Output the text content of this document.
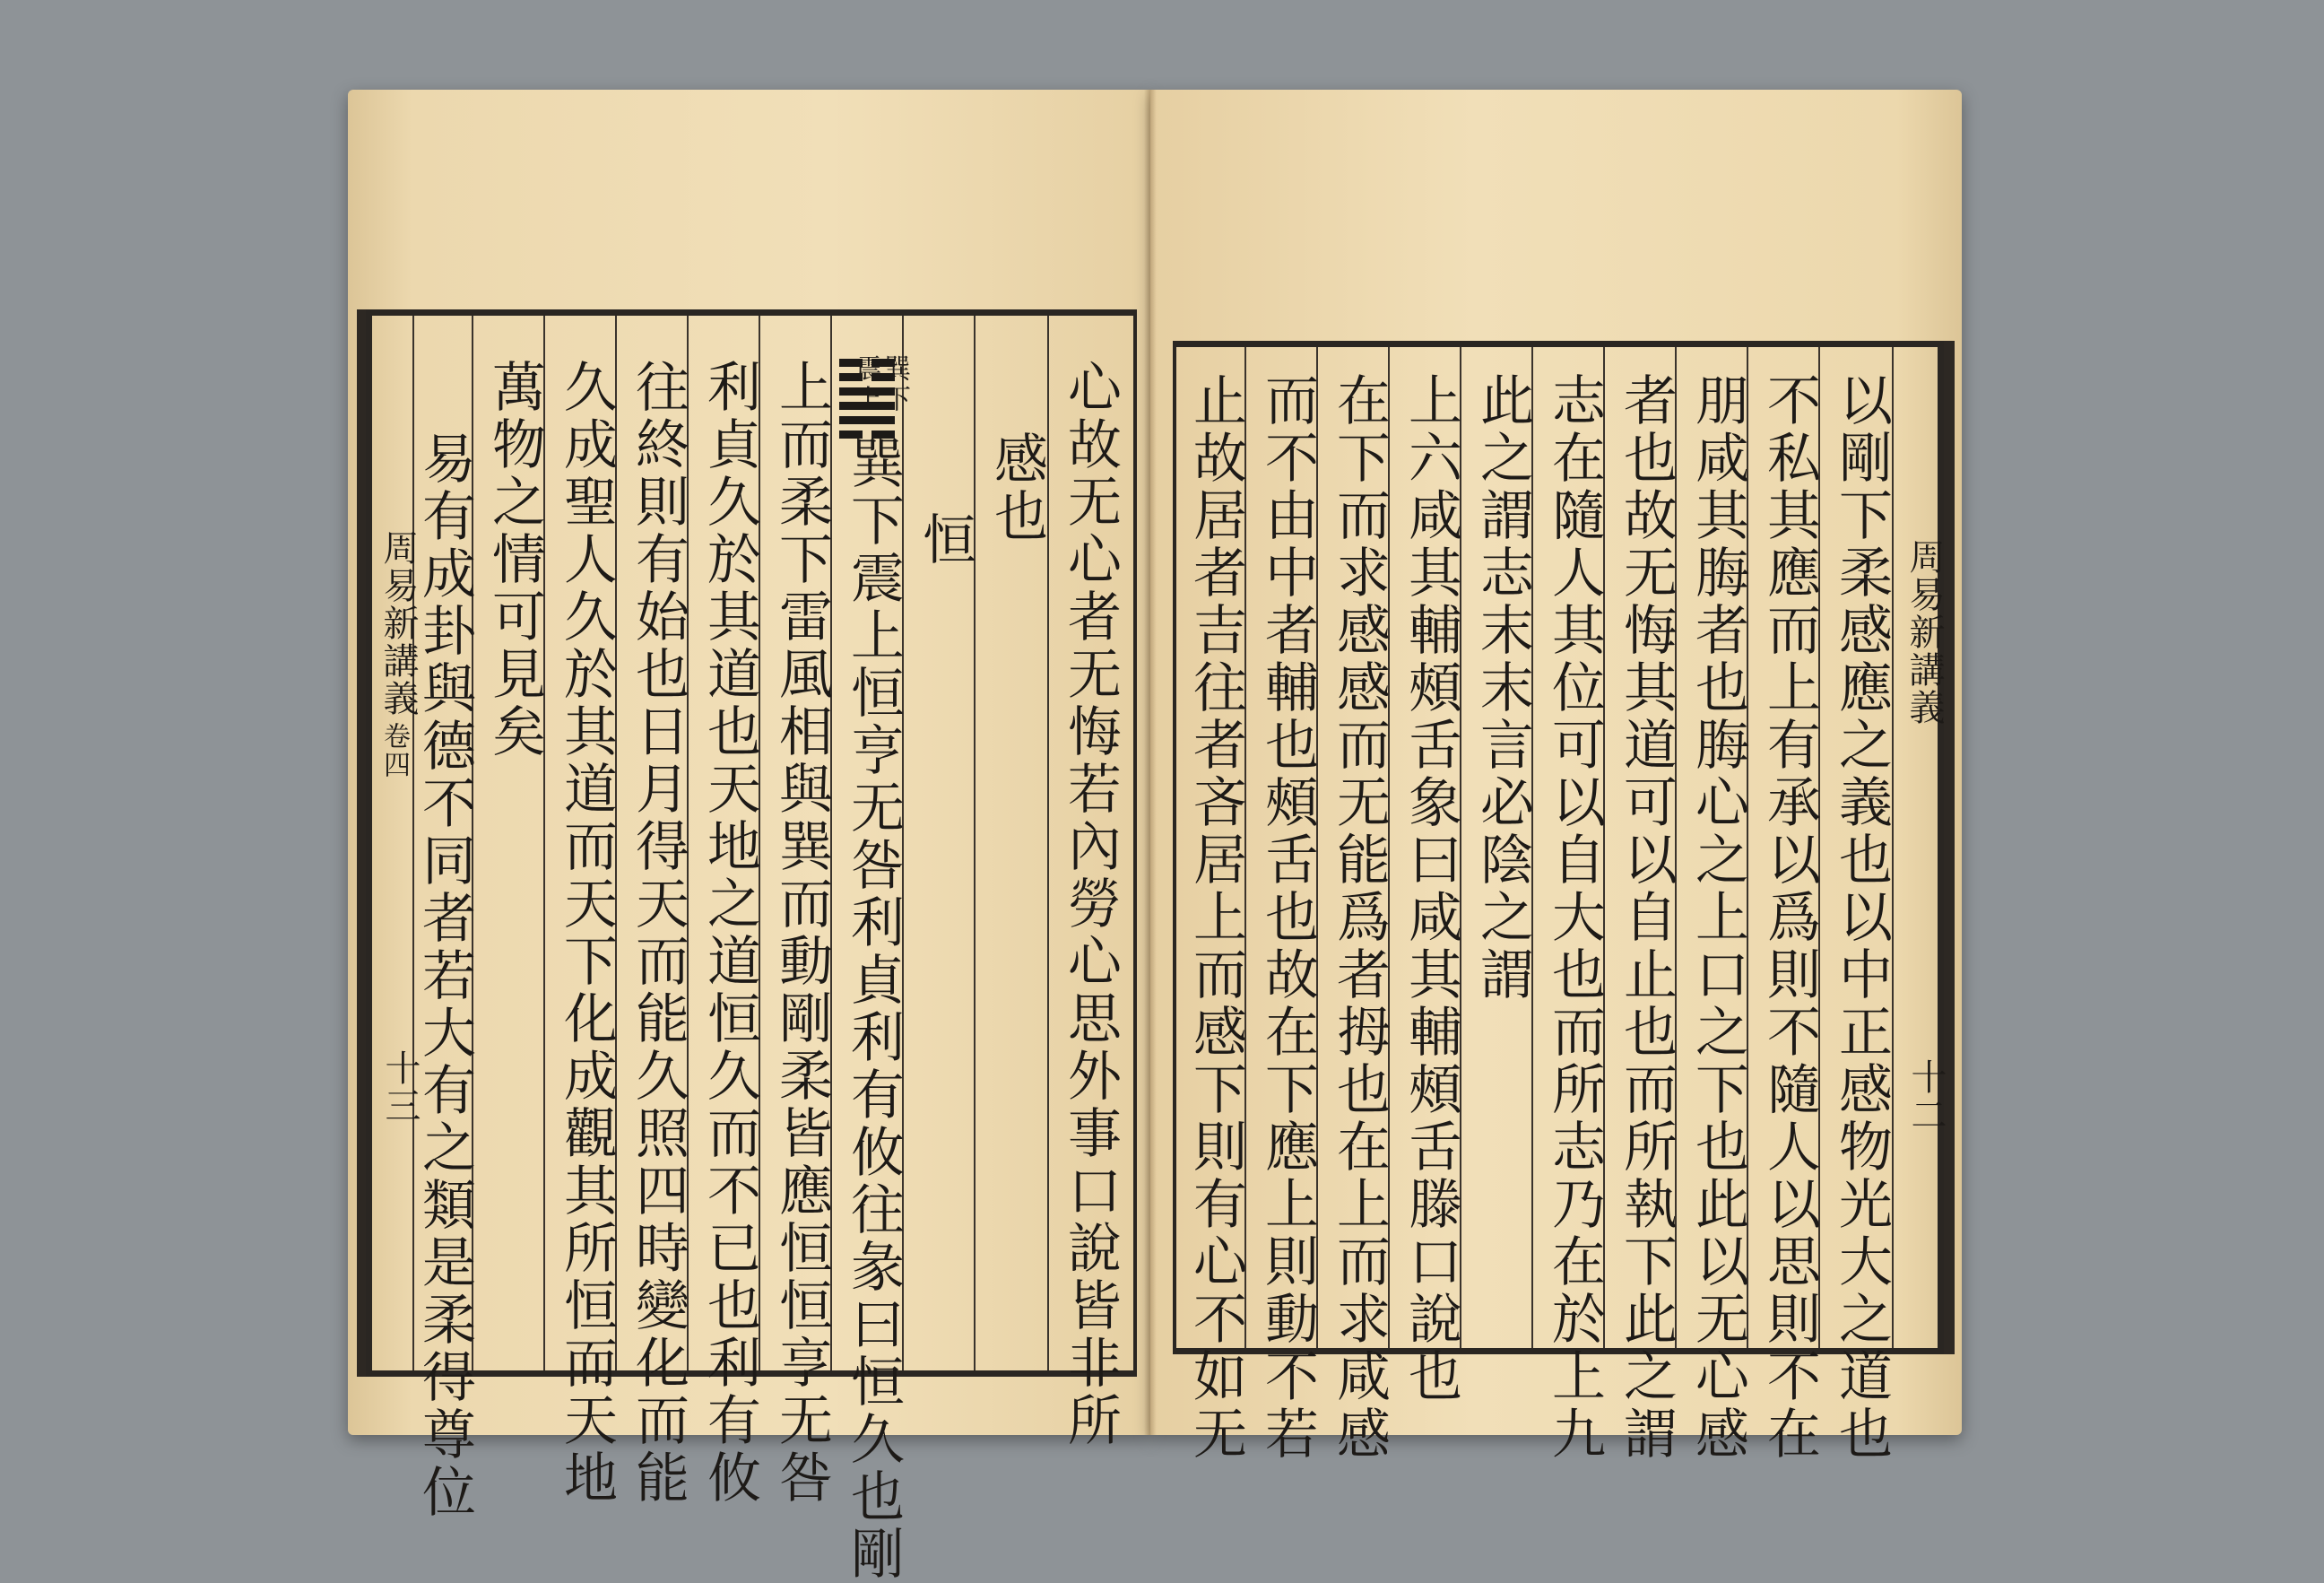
周易新講義
卷四
十三	心故无心者无悔若內勞心思外事口說皆非所
感也
恒
巽下
震上
巽下震上恒亨无咎利貞利有攸往彖曰恒久也剛
上而柔下雷風相與巽而動剛柔皆應恒恒亨无咎
利貞久於其道也天地之道恒久而不已也利有攸
往終則有始也日月得天而能久照四時變化而能
久成聖人久於其道而天下化成觀其所恒而天地
萬物之情可見矣
易有成卦與德不同者若大有之類是柔得尊位	周易新講義
十二
以剛下柔感應之義也以中正感物光大之道也
不私其應而上有承以爲則不隨人以思則不在
朋咸其脢者也脢心之上口之下也此以无心感
者也故无悔其道可以自止也而所執下此之謂
志在隨人其位可以自大也而所志乃在於上九
此之謂志末末言必陰之謂
上六咸其輔頰舌象曰咸其輔頰舌滕口說也
在下而求感感而无能爲者拇也在上而求咸感
而不由中者輔也頰舌也故在下應上則動不若
止故居者吉往者吝居上而感下則有心不如无
